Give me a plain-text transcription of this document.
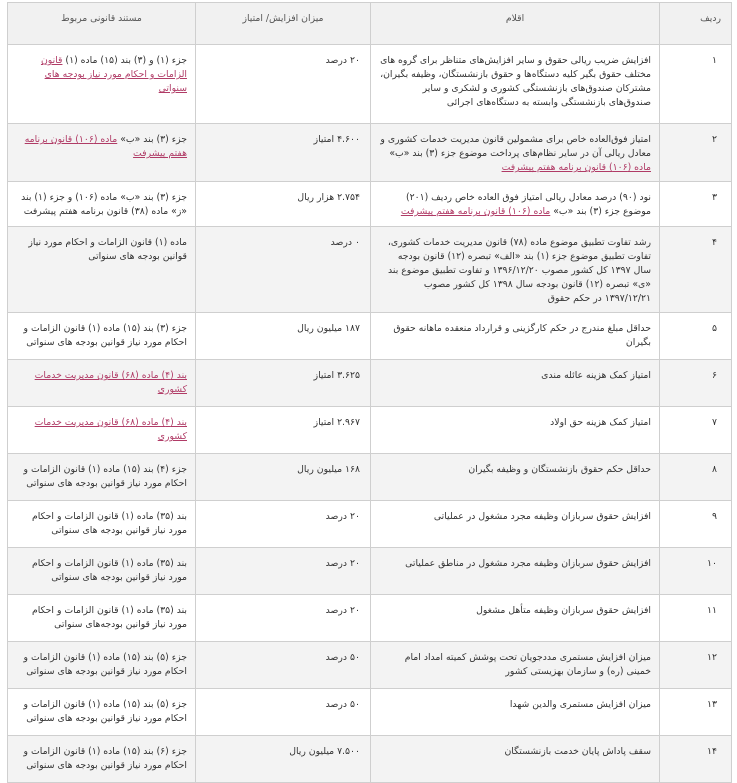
ردیف	اقلام	میزان افزایش/ امتیاز	مستند قانونی مربوط
۱	افزایش ضریب ریالی حقوق و سایر افزایش‌های متناظر برای گروه های مختلف حقوق بگیر کلیه دستگاه‌ها و حقوق بازنشستگان، وظیفه بگیران، مشترکان صندوق‌های بازنشستگی کشوری و لشکری و سایر صندوق‌های بازنشستگی وابسته به دستگاه‌های اجرائی	۲۰ درصد	جزء (۱) و (۳) بند (۱۵) ماده (۱) قانون الزامات و احکام مورد نیاز بودجه های سنواتی
۲	امتیاز فوق‌العاده خاص برای مشمولین قانون مدیریت خدمات کشوری و معادل ریالی آن در سایر نظام‌های پرداخت موضوع جزء (۳) بند «ب» ماده (۱۰۶) قانون برنامه هفتم پیشرفت	۴.۶۰۰ امتیاز	جزء (۳) بند «ب» ماده (۱۰۶) قانون برنامه هفتم پیشرفت
۳	نود (۹۰) درصد معادل ریالی امتیاز فوق العاده خاص ردیف (۲۰۱) موضوع جزء (۳) بند «ب» ماده (۱۰۶) قانون برنامه هفتم پیشرفت	۲.۷۵۴ هزار ریال	جزء (۳) بند «ب» ماده (۱۰۶) و جزء (۱) بند «ز» ماده (۳۸) قانون برنامه هفتم پیشرفت
۴	رشد تفاوت تطبیق موضوع ماده (۷۸) قانون مدیریت خدمات کشوری، تفاوت تطبیق موضوع جزء (۱) بند «الف» تبصره (۱۲) قانون بودجه سال ۱۳۹۷ کل کشور مصوب ۱۳۹۶/۱۲/۲۰ و تفاوت تطبیق موضوع بند «ی» تبصره (۱۲) قانون بودجه سال ۱۳۹۸ کل کشور مصوب ۱۳۹۷/۱۲/۲۱ در حکم حقوق	۰ درصد	ماده (۱) قانون الزامات و احکام مورد نیاز قوانین بودجه های سنواتی
۵	حداقل مبلغ مندرج در حکم کارگزینی و قرارداد منعقده ماهانه حقوق بگیران	۱۸۷ میلیون ریال	جزء (۳) بند (۱۵) ماده (۱) قانون الزامات و احکام مورد نیاز قوانین بودجه های سنواتی
۶	امتیاز کمک هزینه عائله مندی	۳.۶۲۵ امتیاز	بند (۴) ماده (۶۸) قانون مدیریت خدمات کشوری
۷	امتیاز کمک هزینه حق اولاد	۲.۹۶۷ امتیاز	بند (۴) ماده (۶۸) قانون مدیریت خدمات کشوری
۸	حداقل حکم حقوق بازنشستگان و وظیفه بگیران	۱۶۸ میلیون ریال	جزء (۴) بند (۱۵) ماده (۱) قانون الزامات و احکام مورد نیاز قوانین بودجه های سنواتی
۹	افزایش حقوق سربازان وظیفه مجرد مشغول در عملیاتی	۲۰ درصد	بند (۳۵) ماده (۱) قانون الزامات و احکام مورد نیاز قوانین بودجه های سنواتی
۱۰	افزایش حقوق سربازان وظیفه مجرد مشغول در مناطق عملیاتی	۲۰ درصد	بند (۳۵) ماده (۱) قانون الزامات و احکام مورد نیاز قوانین بودجه های سنواتی
۱۱	افزایش حقوق سربازان وظیفه متأهل مشغول	۲۰ درصد	بند (۳۵) ماده (۱) قانون الزامات و احکام مورد نیاز قوانین بودجه‌های سنواتی
۱۲	میزان افزایش مستمری مددجویان تحت پوشش کمیته امداد امام خمینی (ره) و سازمان بهزیستی کشور	۵۰ درصد	جزء (۵) بند (۱۵) ماده (۱) قانون الزامات و احکام مورد نیاز قوانین بودجه های سنواتی
۱۳	میزان افزایش مستمری والدین شهدا	۵۰ درصد	جزء (۵) بند (۱۵) ماده (۱) قانون الزامات و احکام مورد نیاز قوانین بودجه های سنواتی
۱۴	سقف پاداش پایان خدمت بازنشستگان	۷.۵۰۰ میلیون ریال	جزء (۶) بند (۱۵) ماده (۱) قانون الزامات و احکام مورد نیاز قوانین بودجه های سنواتی
